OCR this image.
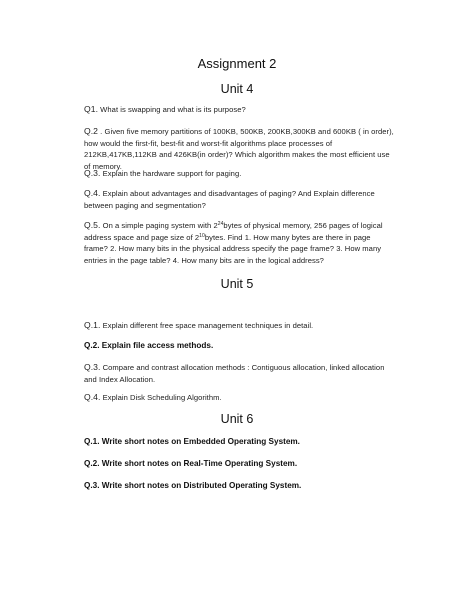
Assignment 2
Unit 4
Q1. What is swapping and what is its purpose?
Q.2 . Given five memory partitions of 100KB, 500KB, 200KB,300KB and 600KB ( in order), how would the first-fit, best-fit and worst-fit algorithms place processes of 212KB,417KB,112KB and 426KB(in order)? Which algorithm makes the most efficient use of memory.
Q.3. Explain the hardware support for paging.
Q.4. Explain about advantages and disadvantages of paging? And Explain difference between paging and segmentation?
Q.5. On a simple paging system with $2^{24}bytes$ of physical memory, 256 pages of logical address space and page size of $2^{10}bytes$. Find 1. How many bytes are there in page frame? 2. How many bits in the physical address specify the page frame? 3. How many entries in the page table? 4. How many bits are in the logical address?
Unit 5
Q.1. Explain different free space management techniques in detail.
Q.2. Explain file access methods.
Q.3. Compare and contrast allocation methods : Contiguous allocation, linked allocation and Index Allocation.
Q.4. Explain Disk Scheduling Algorithm.
Unit 6
Q.1. Write short notes on Embedded Operating System.
Q.2. Write short notes on Real-Time Operating System.
Q.3. Write short notes on Distributed Operating System.
